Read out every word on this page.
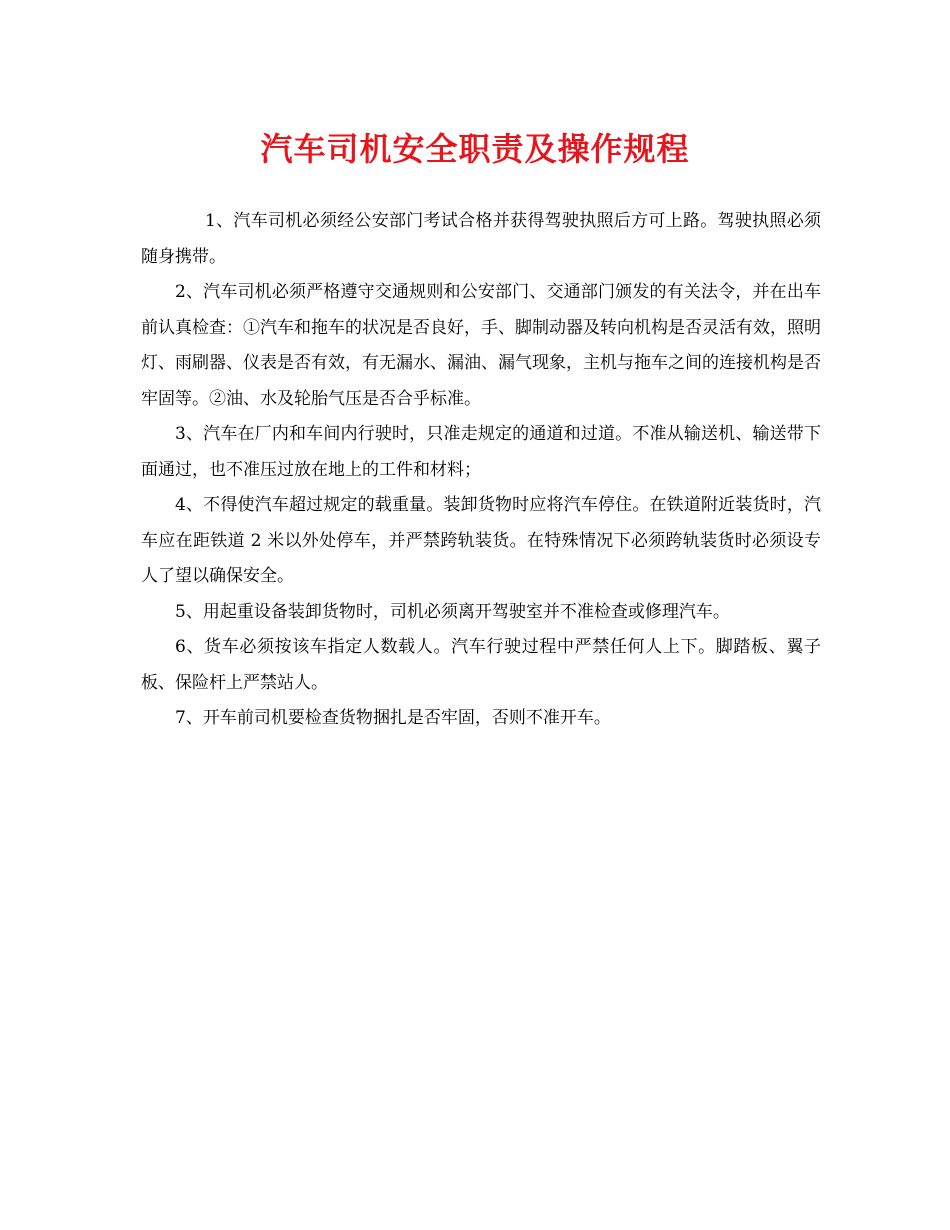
汽车司机安全职责及操作规程

1、汽车司机必须经公安部门考试合格并获得驾驶执照后方可上路。驾驶执照必须随身携带。

2、汽车司机必须严格遵守交通规则和公安部门、交通部门颁发的有关法令，并在出车前认真检查：①汽车和拖车的状况是否良好，手、脚制动器及转向机构是否灵活有效，照明灯、雨刷器、仪表是否有效，有无漏水、漏油、漏气现象，主机与拖车之间的连接机构是否牢固等。②油、水及轮胎气压是否合乎标准。

3、汽车在厂内和车间内行驶时，只准走规定的通道和过道。不准从输送机、输送带下面通过，也不准压过放在地上的工件和材料；

4、不得使汽车超过规定的载重量。装卸货物时应将汽车停住。在铁道附近装货时，汽车应在距铁道 2 米以外处停车，并严禁跨轨装货。在特殊情况下必须跨轨装货时必须设专人了望以确保安全。

5、用起重设备装卸货物时，司机必须离开驾驶室并不准检查或修理汽车。

6、货车必须按该车指定人数载人。汽车行驶过程中严禁任何人上下。脚踏板、翼子板、保险杆上严禁站人。

7、开车前司机要检查货物捆扎是否牢固，否则不准开车。
